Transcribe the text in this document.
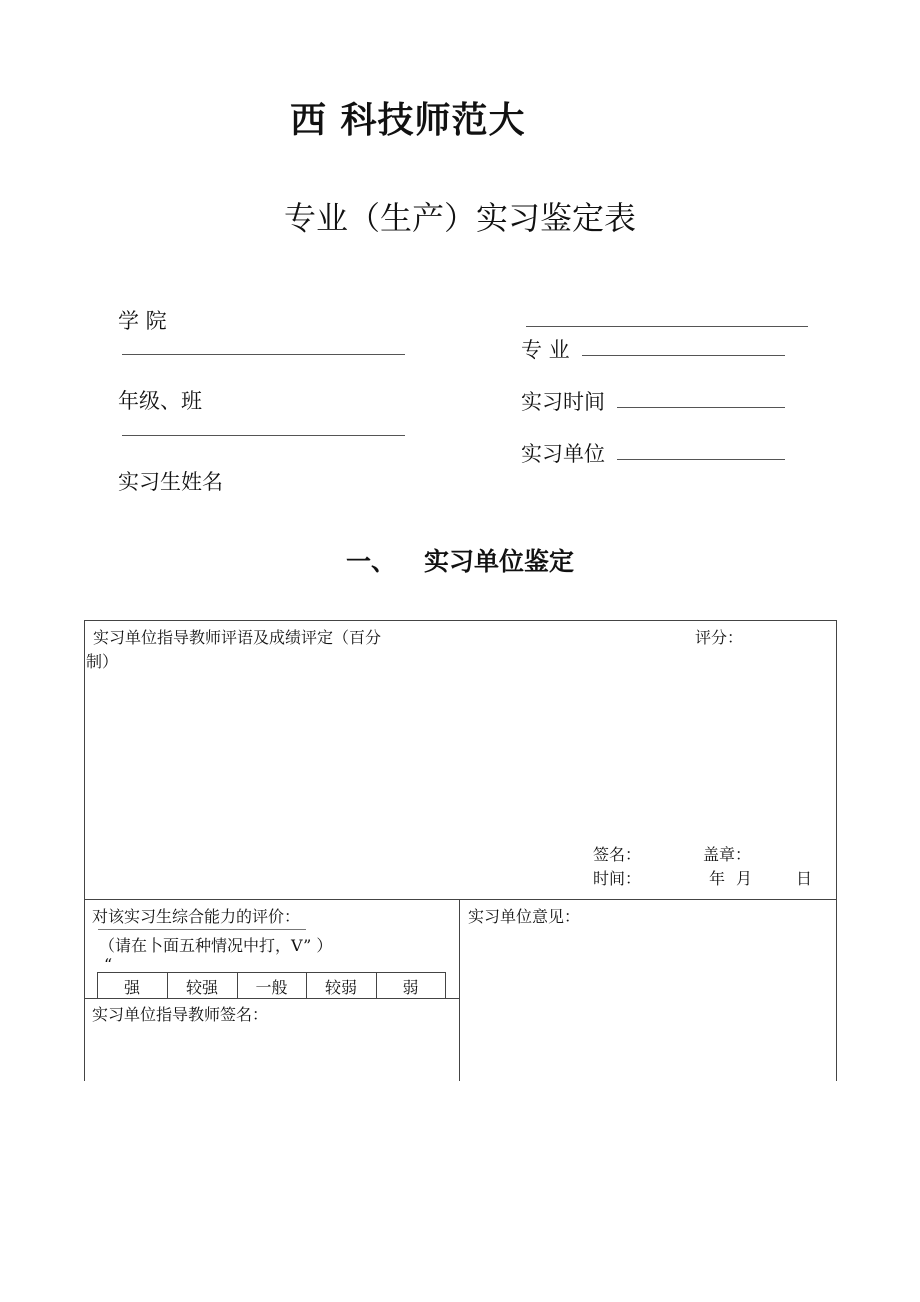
西 科技师范大
专业（生产）实习鉴定表
学 院
年级、班
实习生姓名
专 业
实习时间
实习单位
一、 实习单位鉴定
实习单位指导教师评语及成绩评定（百分
制）
评分：
签名：	盖章：
时间：	年 月	日
对该实习生综合能力的评价：
（请在卜面五种情况中打，V” ）
“
强	较强	一般	较弱	弱
实习单位指导教师签名：
实习单位意见：
